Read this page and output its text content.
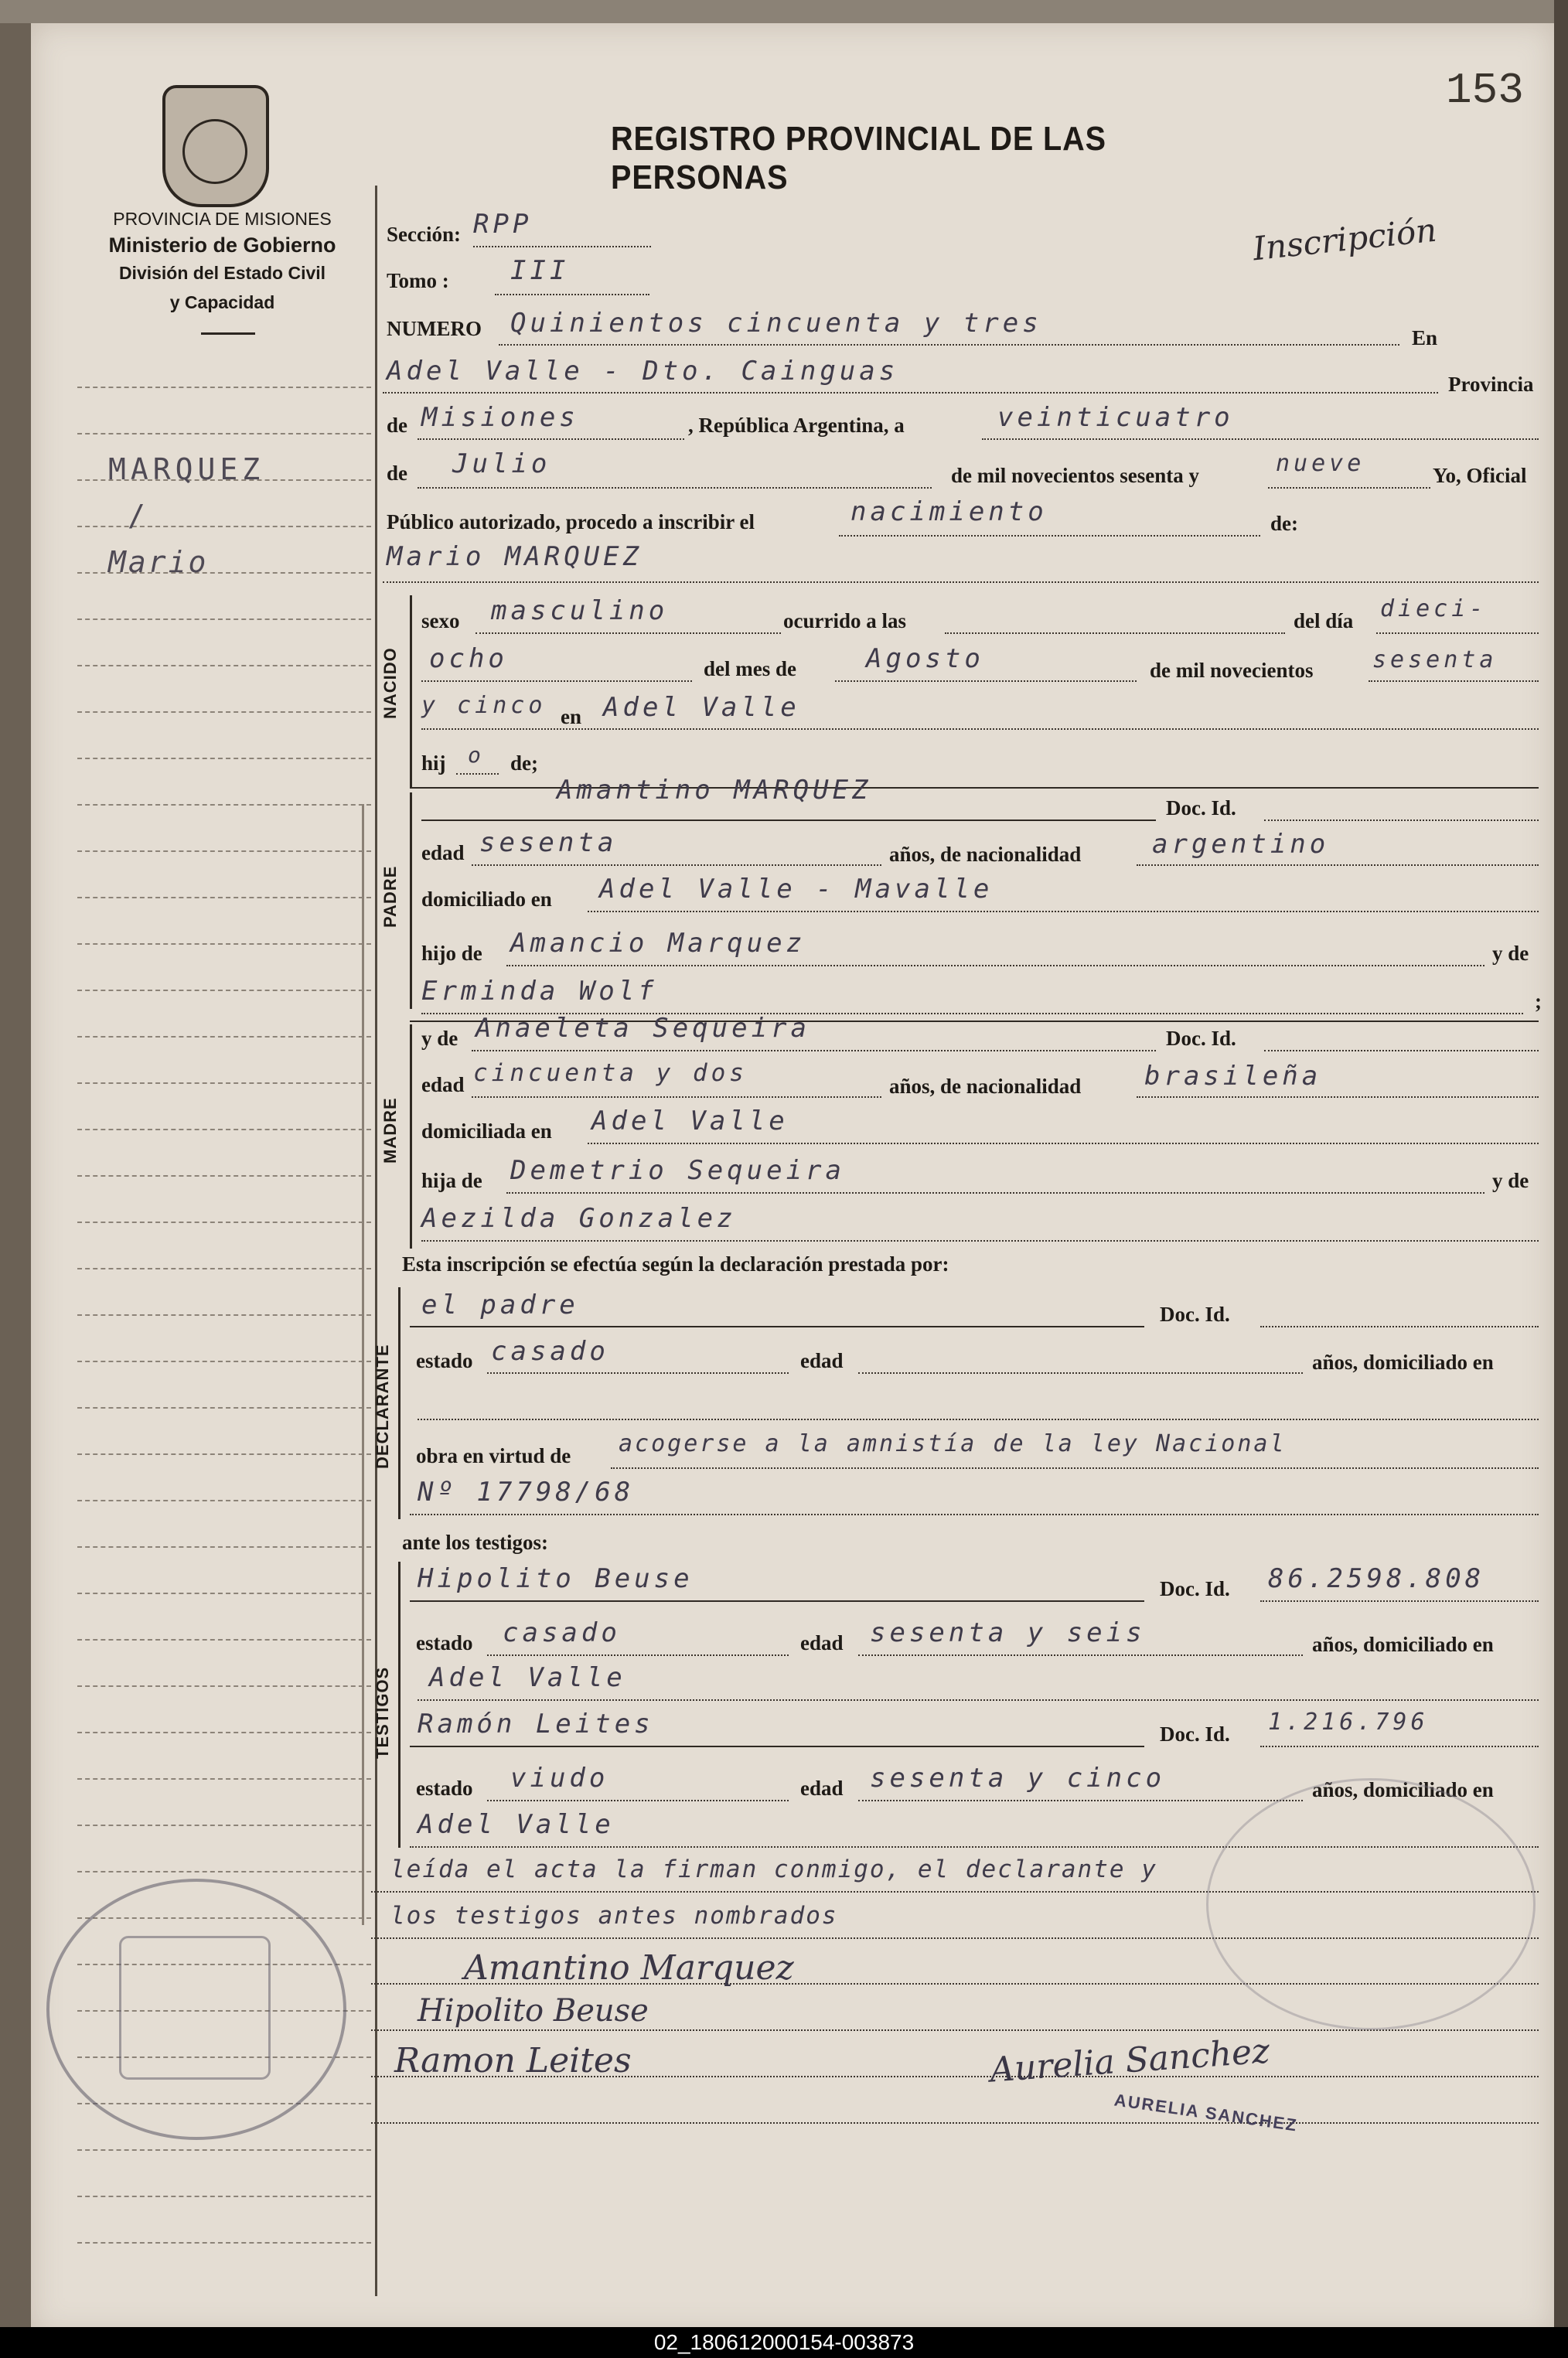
153
REGISTRO PROVINCIAL DE LAS PERSONAS
PROVINCIA DE MISIONES
Ministerio de Gobierno
División del Estado Civil
y Capacidad
Inscripción
MARQUEZ
/
Mario
Sección: RPP
Tomo : III
NUMERO Quinientos cincuenta y tres	En
Adel Valle - Dto. Cainguas	Provincia
de Misiones	, República Argentina, a	veinticuatro
de Julio	de mil novecientos sesenta y	nueve	Yo, Oficial
Público autorizado, procedo a inscribir el	nacimiento	de:
Mario MARQUEZ
NACIDO
sexo masculino	ocurrido a las	del día dieci-
ocho	del mes de	Agosto	de mil novecientos	sesenta
y cinco en Adel Valle
hij o de;
PADRE
Amantino MARQUEZ
Doc. Id.
edad sesenta	años, de nacionalidad	argentino
domiciliado en Adel Valle - Mavalle
hijo de Amancio Marquez	y de
Erminda Wolf	;
MADRE
y de Anaeleta Sequeira	Doc. Id.
edad cincuenta y dos	años, de nacionalidad brasileña
domiciliada en Adel Valle
hija de Demetrio Sequeira	y de
Aezilda Gonzalez
Esta inscripción se efectúa según la declaración prestada por:
DECLARANTE
el padre	Doc. Id.
estado casado	edad	años, domiciliado en
obra en virtud de acogerse a la amnistía de la ley Nacional
Nº 17798/68
ante los testigos:
TESTIGOS
Hipolito Beuse	Doc. Id. 86.2598.808
estado casado	edad sesenta y seis	años, domiciliado en
Adel Valle
Ramón Leites	Doc. Id. 1.216.796
estado viudo	edad sesenta y cinco	años, domiciliado en
Adel Valle
leída el acta la firman conmigo, el declarante y
los testigos antes nombrados
Amantino Marquez
Hipolito Beuse
Ramon Leites	Aurelia Sanchez
AURELIA SANCHEZ
02_180612000154-003873
